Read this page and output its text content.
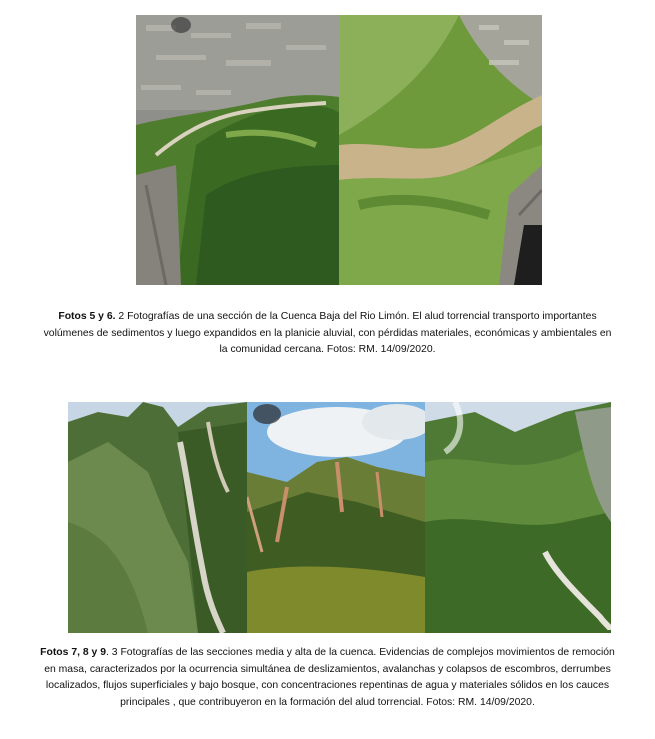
Fotos 5 y 6. 2 Fotografías de una sección de la Cuenca Baja del Rio Limón. El alud torrencial transporto importantes volúmenes de sedimentos y luego expandidos en la planicie aluvial, con pérdidas materiales, económicas y ambientales en la comunidad cercana. Fotos: RM. 14/09/2020.
Fotos 7, 8 y 9. 3 Fotografías de las secciones media y alta de la cuenca. Evidencias de complejos movimientos de remoción en masa, caracterizados por la ocurrencia simultánea de deslizamientos, avalanchas y colapsos de escombros, derrumbes localizados, flujos superficiales y bajo bosque, con concentraciones repentinas de agua y materiales sólidos en los cauces principales , que contribuyeron en la formación del alud torrencial. Fotos: RM. 14/09/2020.
